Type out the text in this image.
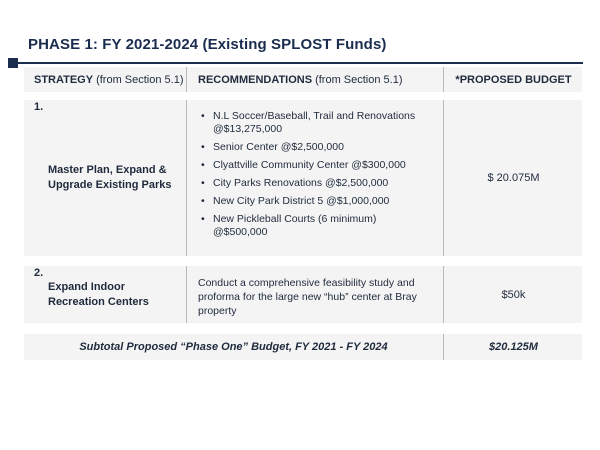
PHASE 1: FY 2021-2024 (Existing SPLOST Funds)
STRATEGY (from Section 5.1) RECOMMENDATIONS (from Section 5.1)	*PROPOSED BUDGET
1.
Master Plan, Expand &
Upgrade Existing Parks
• N.L Soccer/Baseball, Trail and Renovations
@$13,275,000
• Senior Center @$2,500,000
• Clyattville Community Center @$300,000
• City Parks Renovations @$2,500,000
• New City Park District 5 @$1,000,000
• New Pickleball Courts (6 minimum)
@$500,000
$ 20.075M
2.
Expand Indoor
Recreation Centers
Conduct a comprehensive feasibility study and proforma for the large new “hub” center at Bray property
$50k
Subtotal Proposed “Phase One” Budget, FY 2021 - FY 2024	$20.125M
